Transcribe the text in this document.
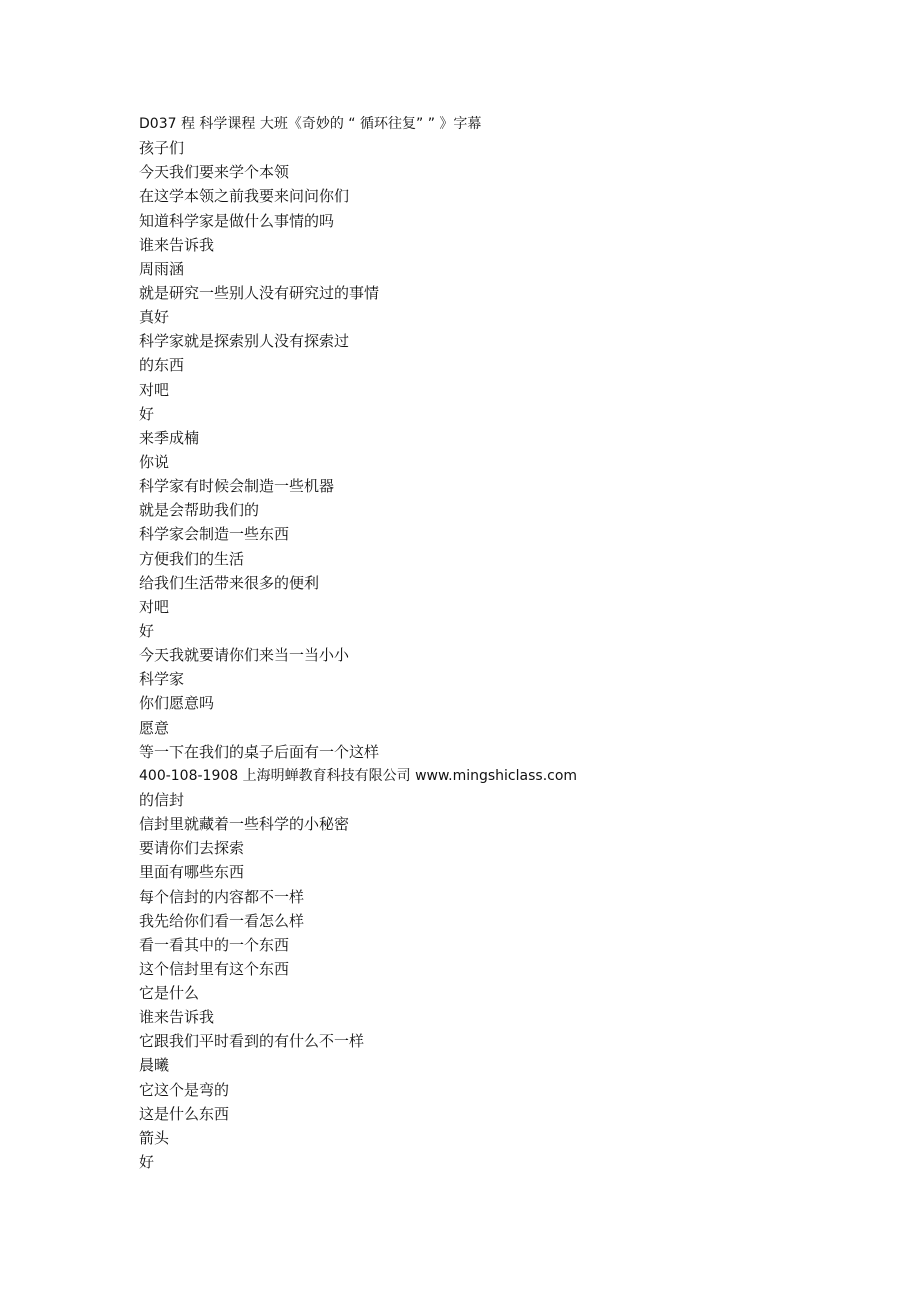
D037 程 科学课程 大班《奇妙的 “ 循环往复” ” 》字幕
孩子们
今天我们要来学个本领
在这学本领之前我要来问问你们
知道科学家是做什么事情的吗
谁来告诉我
周雨涵
就是研究一些别人没有研究过的事情
真好
科学家就是探索别人没有探索过
的东西
对吧
好
来季成楠
你说
科学家有时候会制造一些机器
就是会帮助我们的
科学家会制造一些东西
方便我们的生活
给我们生活带来很多的便利
对吧
好
今天我就要请你们来当一当小小
科学家
你们愿意吗
愿意
等一下在我们的桌子后面有一个这样
400-108-1908 上海明蝉教育科技有限公司 www.mingshiclass.com
的信封
信封里就藏着一些科学的小秘密
要请你们去探索
里面有哪些东西
每个信封的内容都不一样
我先给你们看一看怎么样
看一看其中的一个东西
这个信封里有这个东西
它是什么
谁来告诉我
它跟我们平时看到的有什么不一样
晨曦
它这个是弯的
这是什么东西
箭头
好
